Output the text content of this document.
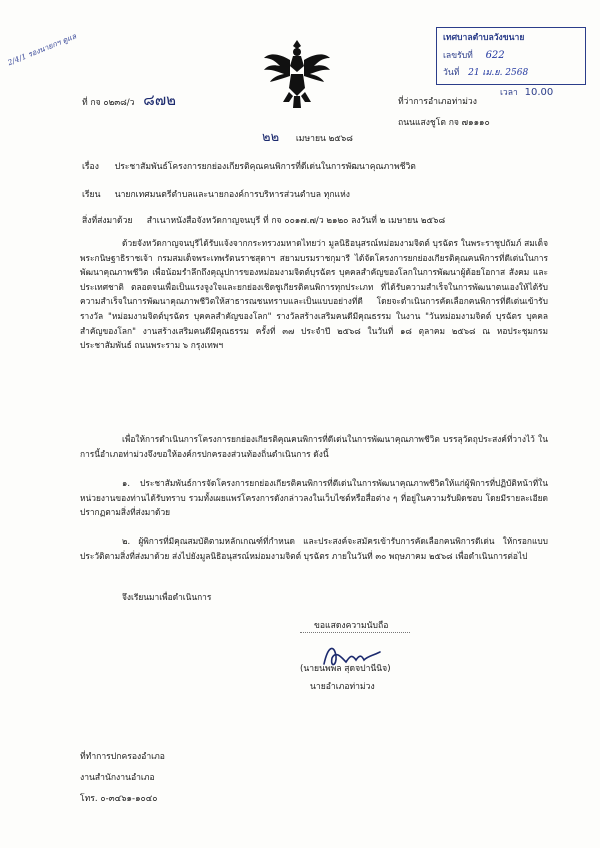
2/4/1 รองนายกฯ ดูแล	เทศบาลตำบลวังขนาย
เลขรับที่ 622
วันที่ 21 เม.ย. 2568
เวลา 10.00
ที่ กจ ๐๒๓๘/ว ๘๗๒	ที่ว่าการอำเภอท่าม่วง
ถนนแสงชูโต กจ ๗๑๑๑๐
๒๒ เมษายน ๒๕๖๘
เรื่อง ประชาสัมพันธ์โครงการยกย่องเกียรติคุณคนพิการที่ดีเด่นในการพัฒนาคุณภาพชีวิต
เรียน นายกเทศมนตรีตำบลและนายกองค์การบริหารส่วนตำบล ทุกแห่ง
สิ่งที่ส่งมาด้วย สำเนาหนังสือจังหวัดกาญจนบุรี ที่ กจ ๐๐๑๗.๗/ว ๒๑๒๐ ลงวันที่ ๒ เมษายน ๒๕๖๘
ด้วยจังหวัดกาญจนบุรีได้รับแจ้งจากกระทรวงมหาดไทยว่า มูลนิธิอนุสรณ์หม่อมงามจิตต์ บุรฉัตร ในพระราชูปถัมภ์ สมเด็จพระกนิษฐาธิราชเจ้า กรมสมเด็จพระเทพรัตนราชสุดาฯ สยามบรมราชกุมารี ได้จัดโครงการยกย่องเกียรติคุณคนพิการที่ดีเด่นในการพัฒนาคุณภาพชีวิต เพื่อน้อมรำลึกถึงคุณูปการของหม่อมงามจิตต์บุรฉัตร บุคคลสำคัญของโลกในการพัฒนาผู้ด้อยโอกาส สังคม และประเทศชาติ ตลอดจนเพื่อเป็นแรงจูงใจและยกย่องเชิดชูเกียรติคนพิการทุกประเภท ที่ได้รับความสำเร็จในการพัฒนาตนเองให้ได้รับความสำเร็จในการพัฒนาคุณภาพชีวิตให้สาธารณชนทราบและเป็นแบบอย่างที่ดี โดยจะดำเนินการคัดเลือกคนพิการที่ดีเด่นเข้ารับรางวัล "หม่อมงามจิตต์บุรฉัตร บุคคลสำคัญของโลก" รางวัลสร้างเสริมคนดีมีคุณธรรม ในงาน "วันหม่อมงามจิตต์ บุรฉัตร บุคคลสำคัญของโลก" งานสร้างเสริมคนดีมีคุณธรรม ครั้งที่ ๓๗ ประจำปี ๒๕๖๘ ในวันที่ ๑๘ ตุลาคม ๒๕๖๘ ณ หอประชุมกรมประชาสัมพันธ์ ถนนพระราม ๖ กรุงเทพฯ
เพื่อให้การดำเนินการโครงการยกย่องเกียรติคุณคนพิการที่ดีเด่นในการพัฒนาคุณภาพชีวิต บรรลุวัตถุประสงค์ที่วางไว้ ในการนี้อำเภอท่าม่วงจึงขอให้องค์กรปกครองส่วนท้องถิ่นดำเนินการ ดังนี้
๑. ประชาสัมพันธ์การจัดโครงการยกย่องเกียรติคนพิการที่ดีเด่นในการพัฒนาคุณภาพชีวิตให้แก่ผู้พิการที่ปฏิบัติหน้าที่ในหน่วยงานของท่านได้รับทราบ รวมทั้งเผยแพร่โครงการดังกล่าวลงในเว็บไซต์หรือสื่อต่าง ๆ ที่อยู่ในความรับผิดชอบ โดยมีรายละเอียดปรากฏตามสิ่งที่ส่งมาด้วย
๒. ผู้พิการที่มีคุณสมบัติตามหลักเกณฑ์ที่กำหนด และประสงค์จะสมัครเข้ารับการคัดเลือกคนพิการดีเด่น ให้กรอกแบบประวัติตามสิ่งที่ส่งมาด้วย ส่งไปยังมูลนิธิอนุสรณ์หม่อมงามจิตต์ บุรฉัตร ภายในวันที่ ๓๐ พฤษภาคม ๒๕๖๘ เพื่อดำเนินการต่อไป
จึงเรียนมาเพื่อดำเนินการ
ขอแสดงความนับถือ
(นายนพพล สุดจปานีนิจ)
นายอำเภอท่าม่วง
ที่ทำการปกครองอำเภอ
งานสำนักงานอำเภอ
โทร. ๐-๓๔๖๑-๑๐๔๐
